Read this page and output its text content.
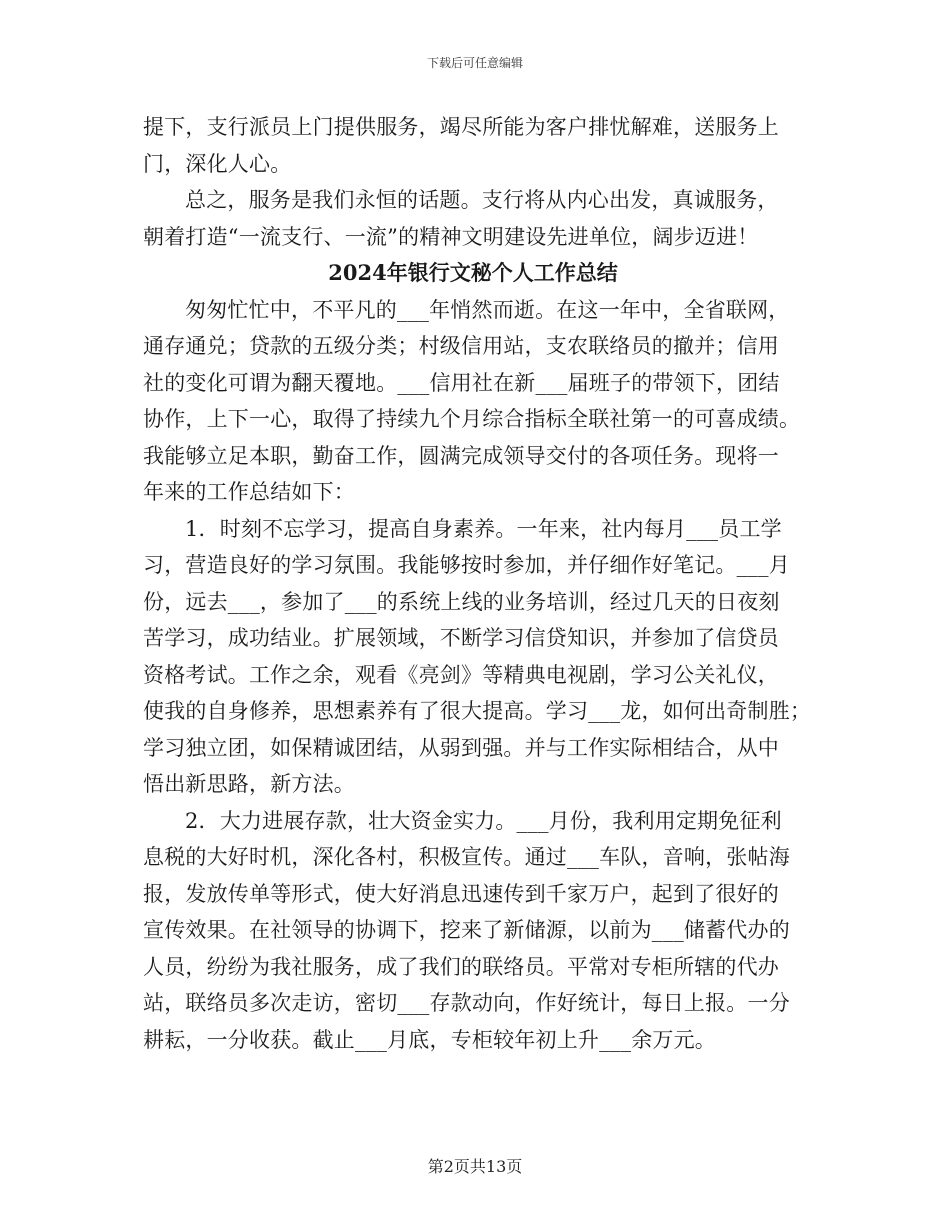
下载后可任意编辑
提下，支行派员上门提供服务，竭尽所能为客户排忧解难，送服务上
门，深化人心。
总之，服务是我们永恒的话题。支行将从内心出发，真诚服务，
朝着打造“一流支行、一流”的精神文明建设先进单位，阔步迈进！
2024年银行文秘个人工作总结
匆匆忙忙中，不平凡的___年悄然而逝。在这一年中，全省联网，
通存通兑；贷款的五级分类；村级信用站，支农联络员的撤并；信用
社的变化可谓为翻天覆地。___信用社在新___届班子的带领下，团结
协作，上下一心，取得了持续九个月综合指标全联社第一的可喜成绩。
我能够立足本职，勤奋工作，圆满完成领导交付的各项任务。现将一
年来的工作总结如下：
1．时刻不忘学习，提高自身素养。一年来，社内每月___员工学
习，营造良好的学习氛围。我能够按时参加，并仔细作好笔记。___月
份，远去___，参加了___的系统上线的业务培训，经过几天的日夜刻
苦学习，成功结业。扩展领域，不断学习信贷知识，并参加了信贷员
资格考试。工作之余，观看《亮剑》等精典电视剧，学习公关礼仪，
使我的自身修养，思想素养有了很大提高。学习___龙，如何出奇制胜；
学习独立团，如保精诚团结，从弱到强。并与工作实际相结合，从中
悟出新思路，新方法。
2．大力进展存款，壮大资金实力。___月份，我利用定期免征利
息税的大好时机，深化各村，积极宣传。通过___车队，音响，张帖海
报，发放传单等形式，使大好消息迅速传到千家万户，起到了很好的
宣传效果。在社领导的协调下，挖来了新储源，以前为___储蓄代办的
人员，纷纷为我社服务，成了我们的联络员。平常对专柜所辖的代办
站，联络员多次走访，密切___存款动向，作好统计，每日上报。一分
耕耘，一分收获。截止___月底，专柜较年初上升___余万元。
第2页共13页
